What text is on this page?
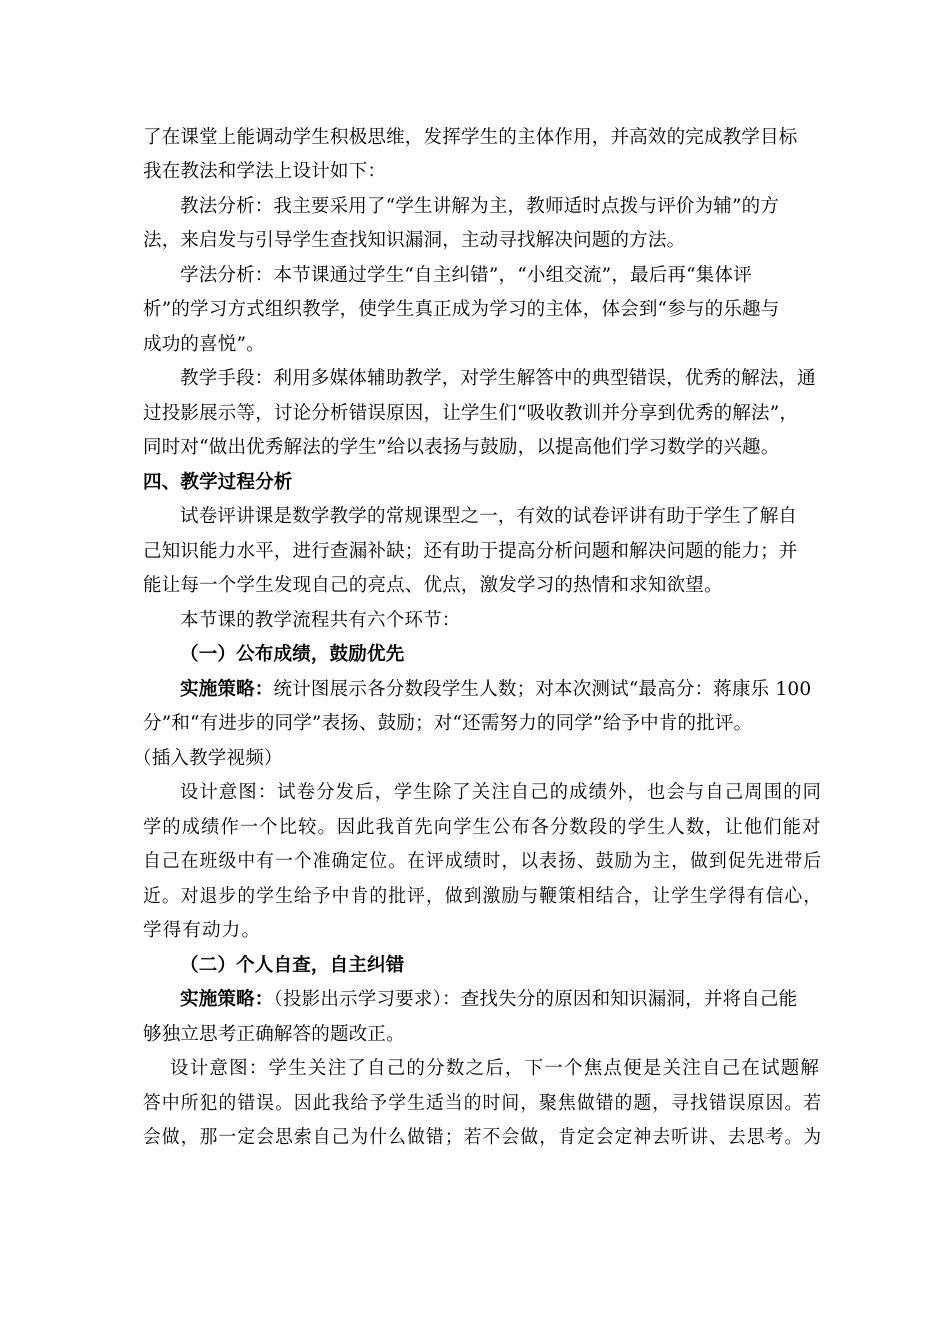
了在课堂上能调动学生积极思维，发挥学生的主体作用，并高效的完成教学目标
我在教法和学法上设计如下：
教法分析：我主要采用了“学生讲解为主，教师适时点拨与评价为辅”的方
法，来启发与引导学生查找知识漏洞，主动寻找解决问题的方法。
学法分析：本节课通过学生“自主纠错”，“小组交流”，最后再“集体评
析”的学习方式组织教学，使学生真正成为学习的主体，体会到“参与的乐趣与
成功的喜悦”。
教学手段：利用多媒体辅助教学，对学生解答中的典型错误，优秀的解法，通
过投影展示等，讨论分析错误原因，让学生们“吸收教训并分享到优秀的解法”，
同时对“做出优秀解法的学生”给以表扬与鼓励，以提高他们学习数学的兴趣。
四、教学过程分析
试卷评讲课是数学教学的常规课型之一，有效的试卷评讲有助于学生了解自
己知识能力水平，进行查漏补缺；还有助于提高分析问题和解决问题的能力；并
能让每一个学生发现自己的亮点、优点，激发学习的热情和求知欲望。
本节课的教学流程共有六个环节：
（一）公布成绩，鼓励优先
实施策略：统计图展示各分数段学生人数；对本次测试“最高分：蒋康乐 100
分”和“有进步的同学”表扬、鼓励；对“还需努力的同学”给予中肯的批评。
（插入教学视频）
设计意图：试卷分发后，学生除了关注自己的成绩外，也会与自己周围的同
学的成绩作一个比较。因此我首先向学生公布各分数段的学生人数，让他们能对
自己在班级中有一个准确定位。在评成绩时，以表扬、鼓励为主，做到促先进带后
近。对退步的学生给予中肯的批评，做到激励与鞭策相结合，让学生学得有信心，
学得有动力。
（二）个人自查，自主纠错
实施策略：（投影出示学习要求）：查找失分的原因和知识漏洞，并将自己能
够独立思考正确解答的题改正。
设计意图：学生关注了自己的分数之后，下一个焦点便是关注自己在试题解
答中所犯的错误。因此我给予学生适当的时间，聚焦做错的题，寻找错误原因。若
会做，那一定会思索自己为什么做错；若不会做，肯定会定神去听讲、去思考。为
